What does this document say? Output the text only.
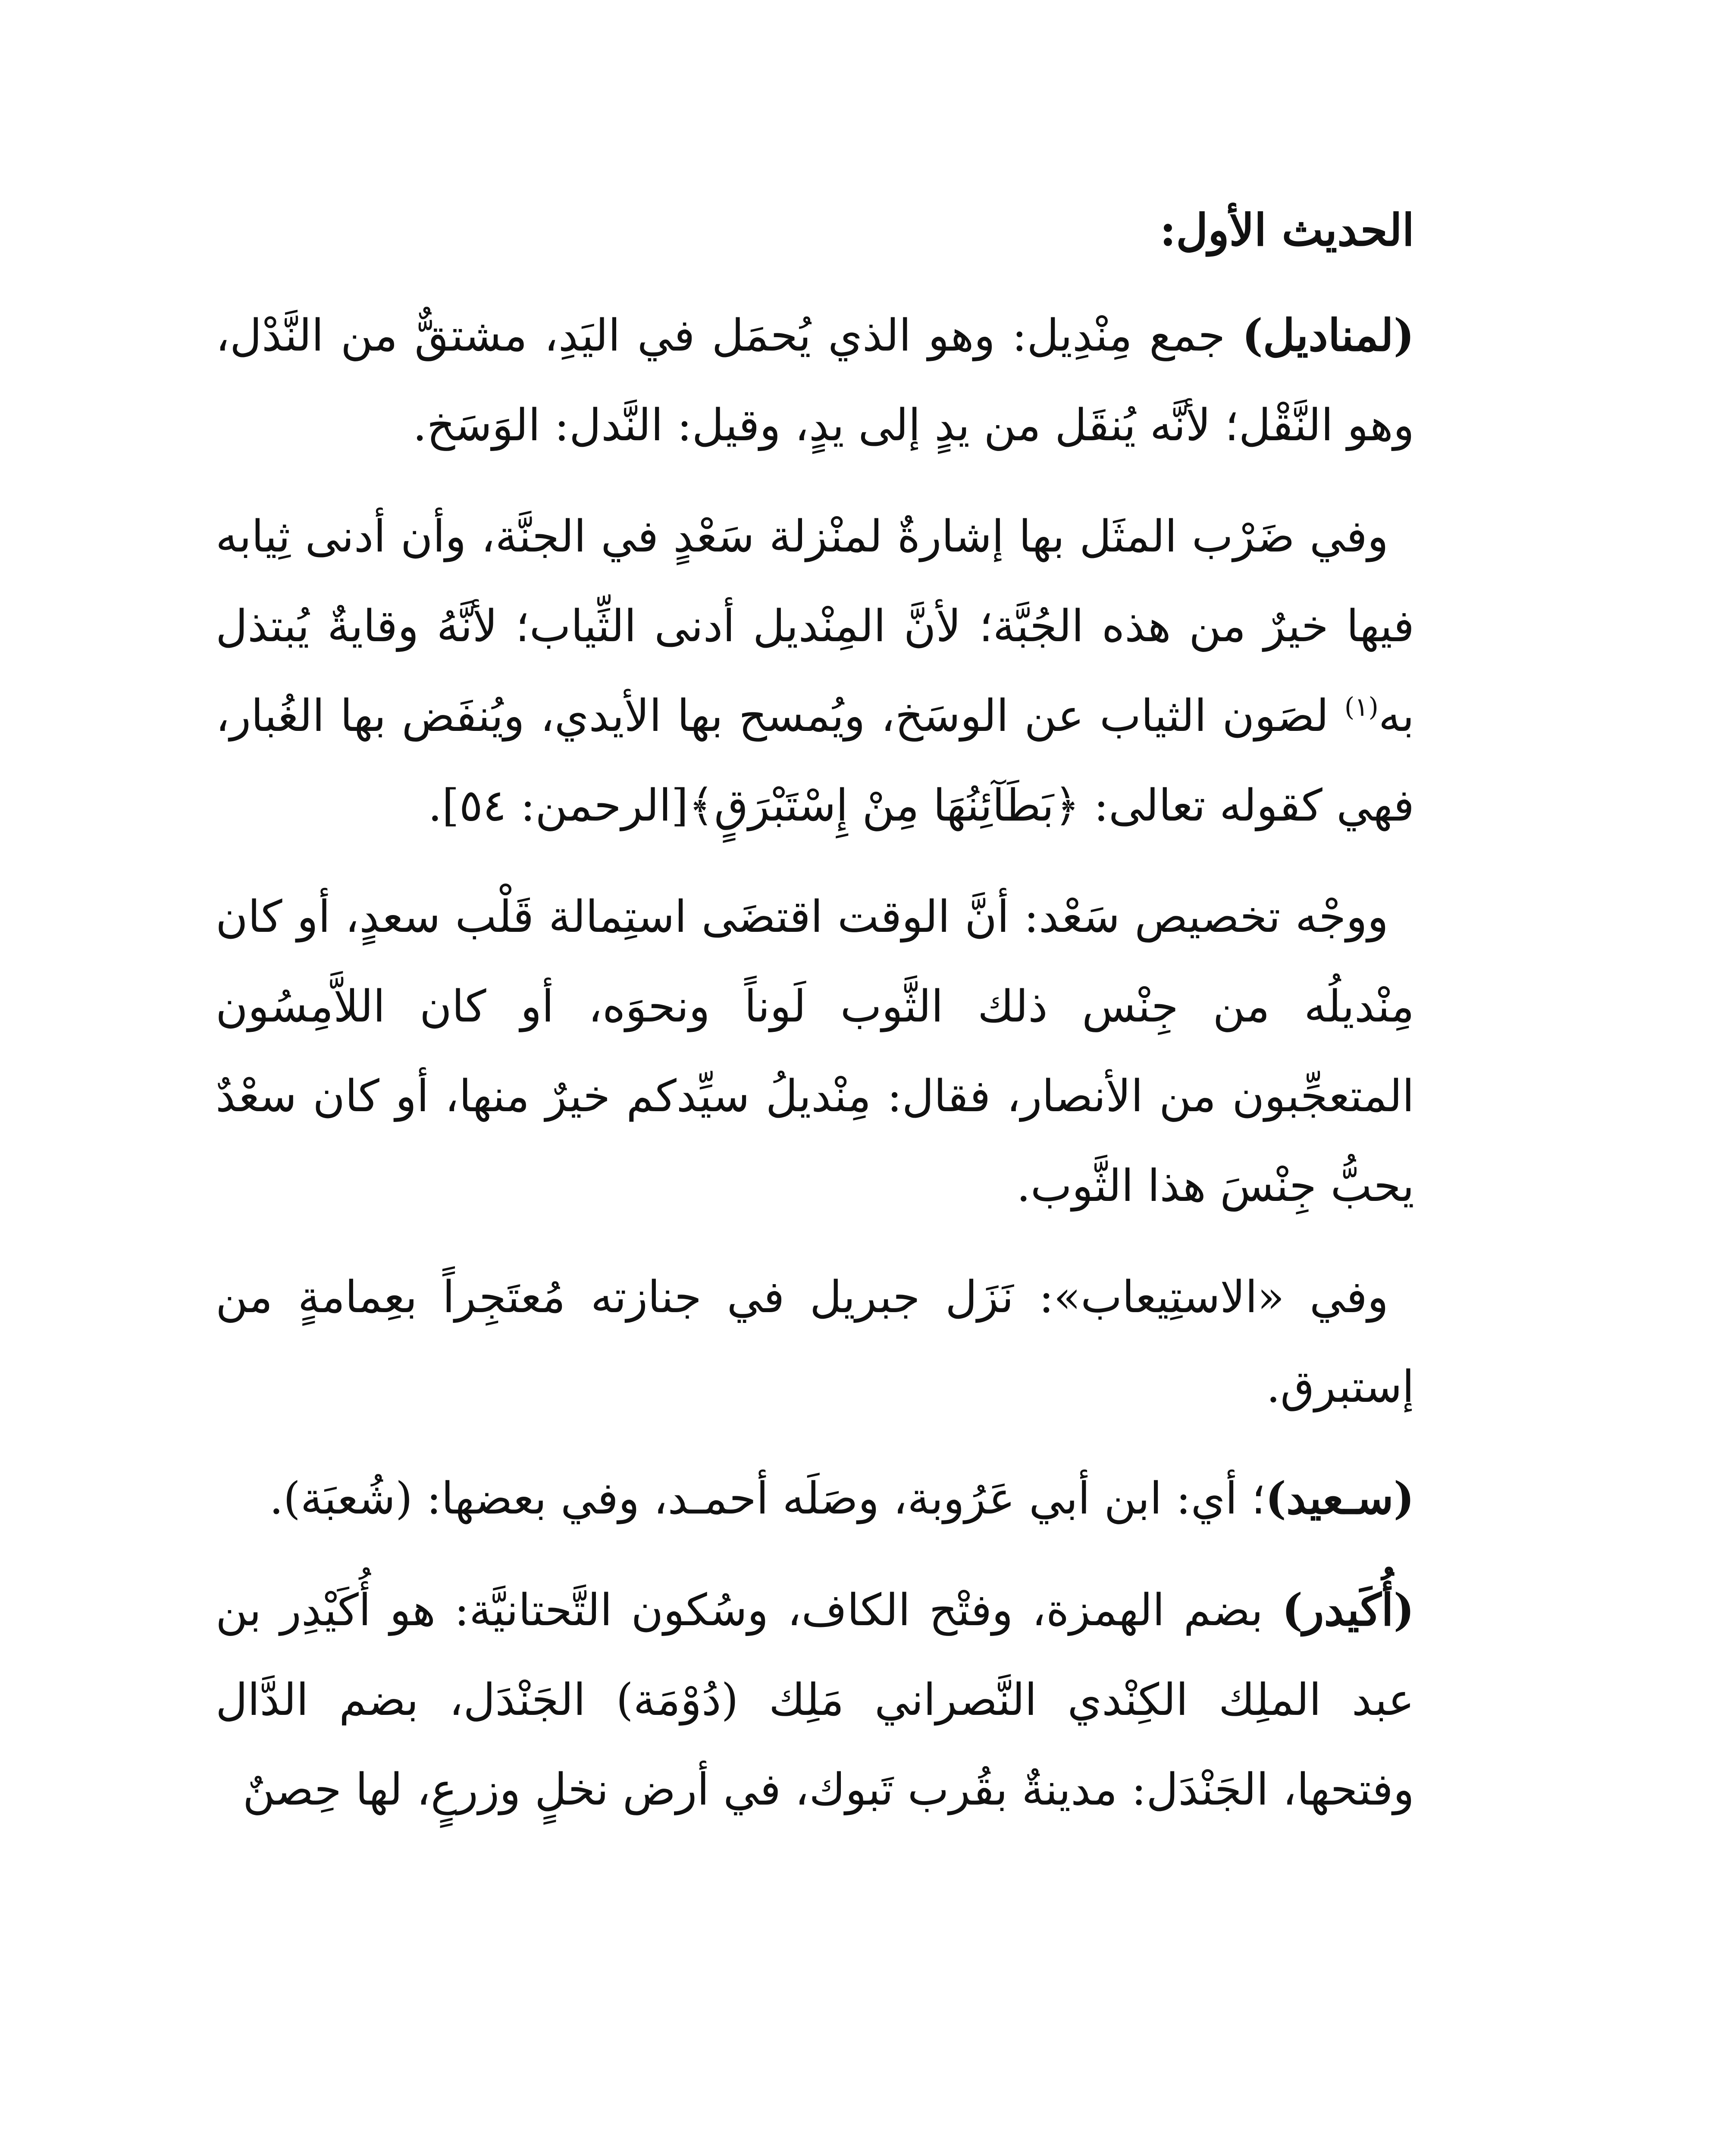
الحديث الأول:

(لمناديل) جمع مِنْدِيل: وهو الذي يُحمَل في اليَدِ، مشتقٌّ من النَّدْل، وهو النَّقْل؛ لأنَّه يُنقَل من يدٍ إلى يدٍ، وقيل: النَّدل: الوَسَخ.

وفي ضَرْب المثَل بها إشارةٌ لمنْزلة سَعْدٍ في الجنَّة، وأن أدنى ثِيابه فيها خيرٌ من هذه الجُبَّة؛ لأنَّ المِنْديل أدنى الثِّياب؛ لأنَّهُ وقايةٌ يُبتذل به$^{(١)}$ لصَون الثياب عن الوسَخ، ويُمسح بها الأيدي، ويُنفَض بها الغُبار، فهي كقوله تعالى: ﴿بَطَآئِنُهَا مِنْ إِسْتَبْرَقٍ﴾[الرحمن: ٥٤].

ووجْه تخصيص سَعْد: أنَّ الوقت اقتضَى استِمالة قَلْب سعدٍ، أو كان مِنْديلُه من جِنْس ذلك الثَّوب لَوناً ونحوَه، أو كان اللاَّمِسُون المتعجِّبون من الأنصار، فقال: مِنْديلُ سيِّدكم خيرٌ منها، أو كان سعْدٌ يحبُّ جِنْسَ هذا الثَّوب.

وفي «الاستِيعاب»: نَزَل جبريل في جنازته مُعتَجِراً بعِمامةٍ من إستبرق.

(سـعيد)؛ أي: ابن أبي عَرُوبة، وصَلَه أحمـد، وفي بعضها: (شُعبَة).

(أُكَيدر) بضم الهمزة، وفتْح الكاف، وسُكون التَّحتانيَّة: هو أُكَيْدِر بن عبد الملِك الكِنْدي النَّصراني مَلِك (دُوْمَة) الجَنْدَل، بضم الدَّال وفتحها، الجَنْدَل: مدينةٌ بقُرب تَبوك، في أرض نخلٍ وزرعٍ، لها حِصنٌ
